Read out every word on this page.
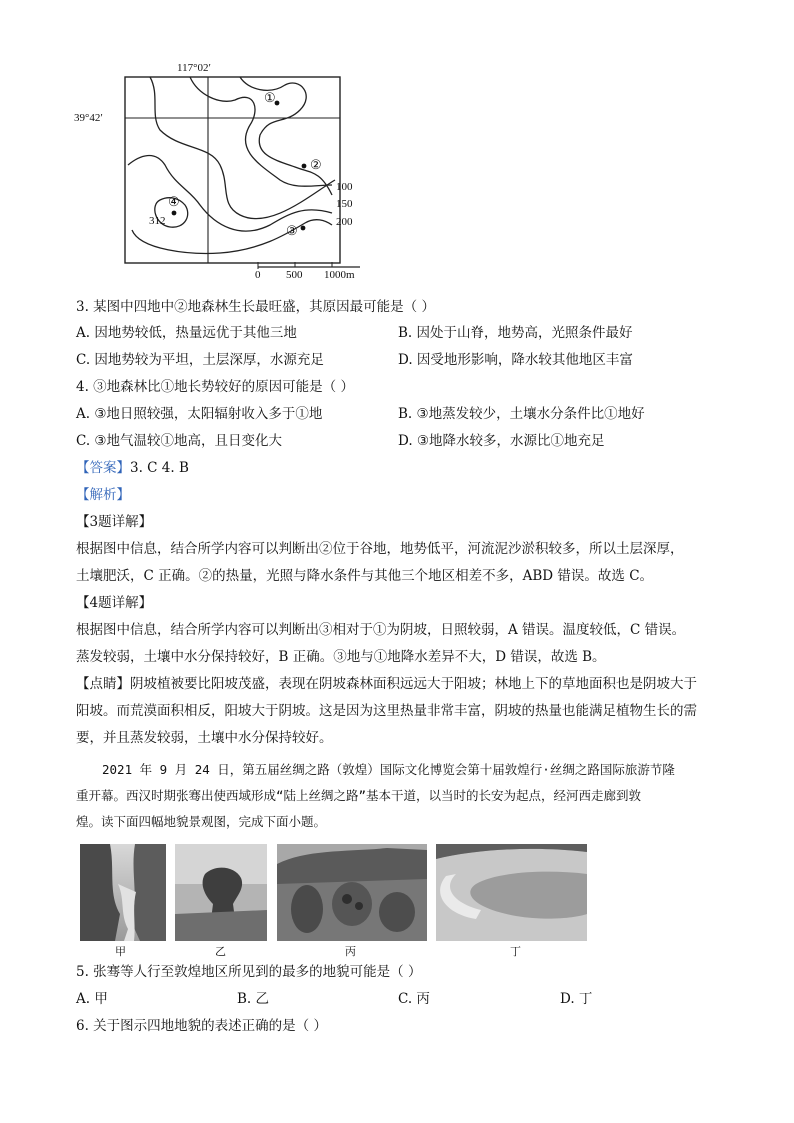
117°02′
39°42′
①
②
③
④
100
150
200
312
0 500 1000m
3. 某图中四地中②地森林生长最旺盛，其原因最可能是（ ）
A. 因地势较低，热量远优于其他三地	B. 因处于山脊，地势高，光照条件最好
C. 因地势较为平坦，土层深厚，水源充足	D. 因受地形影响，降水较其他地区丰富
4. ③地森林比①地长势较好的原因可能是（ ）
A. ③地日照较强，太阳辐射收入多于①地	B. ③地蒸发较少，土壤水分条件比①地好
C. ③地气温较①地高，且日变化大	D. ③地降水较多，水源比①地充足
【答案】3. C 4. B
【解析】
【3题详解】
根据图中信息，结合所学内容可以判断出②位于谷地，地势低平，河流泥沙淤积较多，所以土层深厚，
土壤肥沃，C 正确。②的热量，光照与降水条件与其他三个地区相差不多，ABD 错误。故选 C。
【4题详解】
根据图中信息，结合所学内容可以判断出③相对于①为阴坡，日照较弱，A 错误。温度较低，C 错误。
蒸发较弱，土壤中水分保持较好，B 正确。③地与①地降水差异不大，D 错误，故选 B。
【点睛】阴坡植被要比阳坡茂盛，表现在阴坡森林面积远远大于阳坡；林地上下的草地面积也是阴坡大于
阳坡。而荒漠面积相反，阳坡大于阴坡。这是因为这里热量非常丰富，阴坡的热量也能满足植物生长的需
要，并且蒸发较弱，土壤中水分保持较好。
2021 年 9 月 24 日，第五届丝绸之路（敦煌）国际文化博览会第十届敦煌行·丝绸之路国际旅游节隆
重开幕。西汉时期张骞出使西域形成“陆上丝绸之路”基本干道，以当时的长安为起点，经河西走廊到敦
煌。读下面四幅地貌景观图，完成下面小题。
甲	乙	丙	丁
5. 张骞等人行至敦煌地区所见到的最多的地貌可能是（ ）
A. 甲	B. 乙	C. 丙	D. 丁
6. 关于图示四地地貌的表述正确的是（ ）
